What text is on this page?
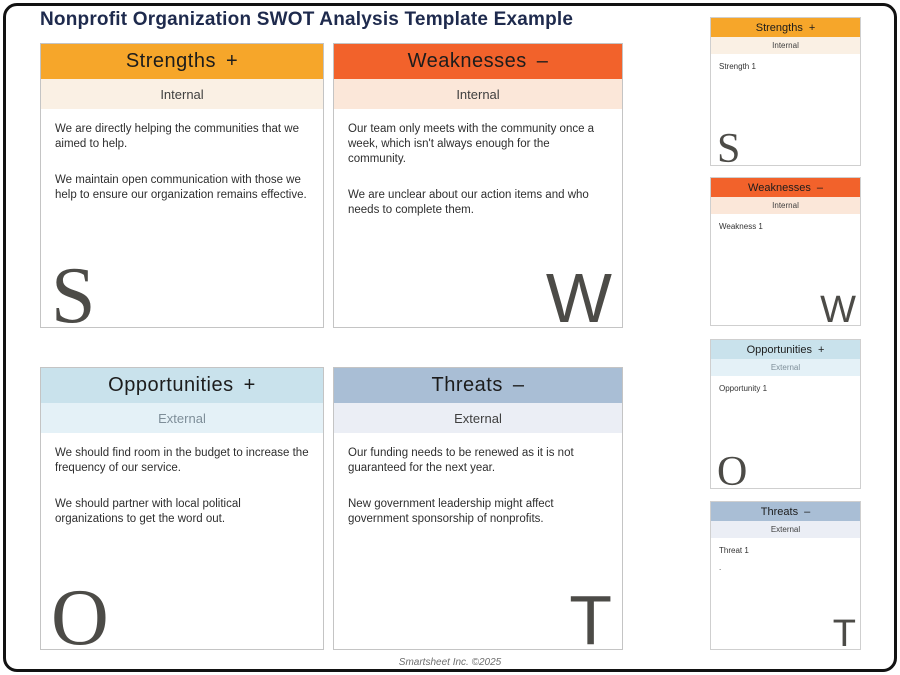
Nonprofit Organization SWOT Analysis Template Example
Strengths +
Internal

We are directly helping the communities that we aimed to help.

We maintain open communication with those we help to ensure our organization remains effective.

S
Weaknesses –
Internal

Our team only meets with the community once a week, which isn't always enough for the community.

We are unclear about our action items and who needs to complete them.

W
Opportunities +
External

We should find room in the budget to increase the frequency of our service.

We should partner with local political organizations to get the word out.

O
Threats –
External

Our funding needs to be renewed as it is not guaranteed for the next year.

New government leadership might affect government sponsorship of nonprofits.

T
Strengths +
Internal

Strength 1

S
Weaknesses –
Internal

Weakness 1

W
Opportunities +
External

Opportunity 1

O
Threats –
External

Threat 1

.

T
Smartsheet Inc. ©2025
